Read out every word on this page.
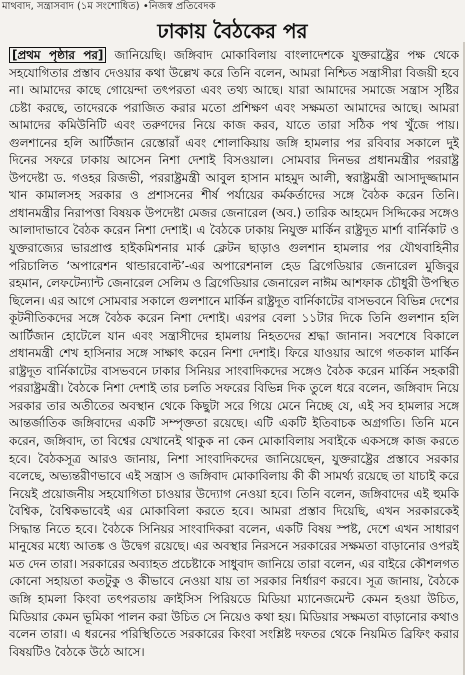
মাথবাদ, সন্ত্রাসবাদ (১ম সংশোধিত) •নিজস্ব প্রতিবেদক
ঢাকায় বৈঠকের পর
[প্রথম পৃষ্ঠার পর] জানিয়েছি। জঙ্গিবাদ মোকাবিলায় বাংলাদেশকে যুক্তরাষ্ট্রের পক্ষ থেকে সহযোগিতার প্রস্তাব দেওয়ার কথা উল্লেখ করে তিনি বলেন, আমরা নিশ্চিত সন্ত্রাসীরা বিজয়ী হবে না। আমাদের কাছে গোয়েন্দা তৎপরতা এবং তথ্য আছে। যারা আমাদের সমাজে সন্ত্রাস সৃষ্টির চেষ্টা করছে, তাদেরকে পরাজিত করার মতো প্রশিক্ষণ এবং সক্ষমতা আমাদের আছে। আমরা আমাদের কমিউনিটি এবং তরুণদের নিয়ে কাজ করব, যাতে তারা সঠিক পথ খুঁজে পায়। গুলশানের হলি আর্টিজান রেস্তোরাঁ এবং শোলাকিয়ায় জঙ্গি হামলার পর রবিবার সকালে দুই দিনের সফরে ঢাকায় আসেন নিশা দেশাই বিসওয়াল। সোমবার দিনভর প্রধানমন্ত্রীর পররাষ্ট্র উপদেষ্টা ড. গওহর রিজভী, পররাষ্ট্রমন্ত্রী আবুল হাসান মাহমুদ আলী, স্বরাষ্ট্রমন্ত্রী আসাদুজ্জামান খান কামালসহ সরকার ও প্রশাসনের শীর্ষ পর্যায়ের কর্মকর্তাদের সঙ্গে বৈঠক করেন তিনি। প্রধানমন্ত্রীর নিরাপত্তা বিষয়ক উপদেষ্টা মেজর জেনারেল (অব.) তারিক আহমেদ সিদ্দিকের সঙ্গেও আলাদাভাবে বৈঠক করেন নিশা দেশাই। এ বৈঠকে ঢাকায় নিযুক্ত মার্কিন রাষ্ট্রদূত মার্শা বার্নিকাট ও যুক্তরাজ্যের ভারপ্রাপ্ত হাইকমিশনার মার্ক ক্লেটন ছাড়াও গুলশান হামলার পর যৌথবাহিনীর পরিচালিত ‘অপারেশন থান্ডারবোল্ট’-এর অপারেশনাল হেড ব্রিগেডিয়ার জেনারেল মুজিবুর রহমান, লেফটেন্যান্ট জেনারেল সেলিম ও ব্রিগেডিয়ার জেনারেল নাঈম আশফাক চৌধুরী উপস্থিত ছিলেন। এর আগে সোমবার সকালে গুলশানে মার্কিন রাষ্ট্রদূত বার্নিকাটের বাসভবনে বিভিন্ন দেশের কূটনীতিকদের সঙ্গে বৈঠক করেন নিশা দেশাই। এরপর বেলা ১১টার দিকে তিনি গুলশান হলি আর্টিজান হোটেলে যান এবং সন্ত্রাসীদের হামলায় নিহতদের শ্রদ্ধা জানান। সবশেষে বিকালে প্রধানমন্ত্রী শেখ হাসিনার সঙ্গে সাক্ষাৎ করেন নিশা দেশাই। ফিরে যাওয়ার আগে গতকাল মার্কিন রাষ্ট্রদূত বার্নিকাটের বাসভবনে ঢাকার সিনিয়র সাংবাদিকদের সঙ্গেও বৈঠক করেন মার্কিন সহকারী পররাষ্ট্রমন্ত্রী। বৈঠকে নিশা দেশাই তার চলতি সফরের বিভিন্ন দিক তুলে ধরে বলেন, জঙ্গিবাদ নিয়ে সরকার তার অতীতের অবস্থান থেকে কিছুটা সরে গিয়ে মেনে নিচ্ছে যে, এই সব হামলার সঙ্গে আন্তর্জাতিক জঙ্গিবাদের একটি সম্পৃক্ততা রয়েছে। এটি একটি ইতিবাচক অগ্রগতি। তিনি মনে করেন, জঙ্গিবাদ, তা বিশ্বের যেখানেই থাকুক না কেন মোকাবিলায় সবাইকে একসঙ্গে কাজ করতে হবে। বৈঠকসূত্র আরও জানায়, নিশা সাংবাদিকদের জানিয়েছেন, যুক্তরাষ্ট্রের প্রস্তাবে সরকার বলেছে, অভ্যন্তরীণভাবে এই সন্ত্রাস ও জঙ্গিবাদ মোকাবিলায় কী কী সামর্থ্য রয়েছে তা যাচাই করে নিয়েই প্রয়োজনীয় সহযোগিতা চাওয়ার উদ্যোগ নেওয়া হবে। তিনি বলেন, জঙ্গিবাদের এই হুমকি বৈশ্বিক, বৈশ্বিকভাবেই এর মোকাবিলা করতে হবে। আমরা প্রস্তাব দিয়েছি, এখন সরকারকেই সিদ্ধান্ত নিতে হবে। বৈঠকে সিনিয়র সাংবাদিকরা বলেন, একটি বিষয় স্পষ্ট, দেশে এখন সাধারণ মানুষের মধ্যে আতঙ্ক ও উদ্বেগ রয়েছে। এর অবস্থার নিরসনে সরকারের সক্ষমতা বাড়ানোর ওপরই মত দেন তারা। সরকারের অব্যাহত প্রচেষ্টাকে সাধুবাদ জানিয়ে তারা বলেন, এর বাইরে কৌশলগত কোনো সহায়তা কতটুকু ও কীভাবে নেওয়া যায় তা সরকার নির্ধারণ করবে। সূত্র জানায়, বৈঠকে জঙ্গি হামলা কিংবা তৎপরতায় ক্রাইসিস পিরিয়ডে মিডিয়া ম্যানেজমেন্ট কেমন হওয়া উচিত, মিডিয়ার কেমন ভূমিকা পালন করা উচিত সে নিয়েও কথা হয়। মিডিয়ার সক্ষমতা বাড়ানোর কথাও বলেন তারা। এ ধরনের পরিস্থিতিতে সরকারের কিংবা সংশ্লিষ্ট দফতর থেকে নিয়মিত ব্রিফিং করার বিষয়টিও বৈঠকে উঠে আসে।
